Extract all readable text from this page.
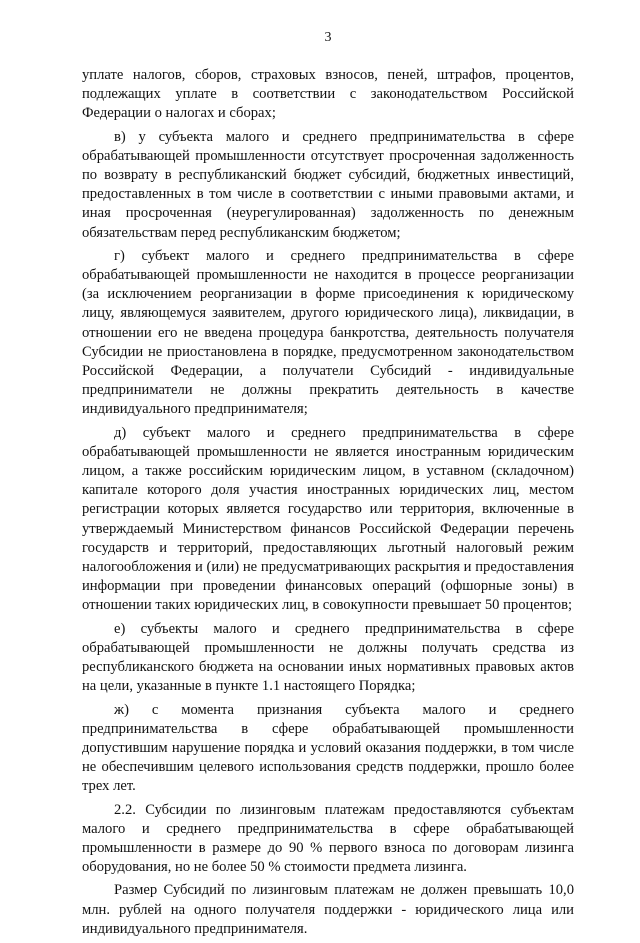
3

уплате налогов, сборов, страховых взносов, пеней, штрафов, процентов, подлежащих уплате в соответствии с законодательством Российской Федерации о налогах и сборах;

в) у субъекта малого и среднего предпринимательства в сфере обрабатывающей промышленности отсутствует просроченная задолженность по возврату в республиканский бюджет субсидий, бюджетных инвестиций, предоставленных в том числе в соответствии с иными правовыми актами, и иная просроченная (неурегулированная) задолженность по денежным обязательствам перед республиканским бюджетом;

г) субъект малого и среднего предпринимательства в сфере обрабатывающей промышленности не находится в процессе реорганизации (за исключением реорганизации в форме присоединения к юридическому лицу, являющемуся заявителем, другого юридического лица), ликвидации, в отношении его не введена процедура банкротства, деятельность получателя Субсидии не приостановлена в порядке, предусмотренном законодательством Российской Федерации, а получатели Субсидий - индивидуальные предприниматели не должны прекратить деятельность в качестве индивидуального предпринимателя;

д) субъект малого и среднего предпринимательства в сфере обрабатывающей промышленности не является иностранным юридическим лицом, а также российским юридическим лицом, в уставном (складочном) капитале которого доля участия иностранных юридических лиц, местом регистрации которых является государство или территория, включенные в утверждаемый Министерством финансов Российской Федерации перечень государств и территорий, предоставляющих льготный налоговый режим налогообложения и (или) не предусматривающих раскрытия и предоставления информации при проведении финансовых операций (офшорные зоны) в отношении таких юридических лиц, в совокупности превышает 50 процентов;

е) субъекты малого и среднего предпринимательства в сфере обрабатывающей промышленности не должны получать средства из республиканского бюджета на основании иных нормативных правовых актов на цели, указанные в пункте 1.1 настоящего Порядка;

ж) с момента признания субъекта малого и среднего предпринимательства в сфере обрабатывающей промышленности допустившим нарушение порядка и условий оказания поддержки, в том числе не обеспечившим целевого использования средств поддержки, прошло более трех лет.

2.2. Субсидии по лизинговым платежам предоставляются субъектам малого и среднего предпринимательства в сфере обрабатывающей промышленности в размере до 90 % первого взноса по договорам лизинга оборудования, но не более 50 % стоимости предмета лизинга.

Размер Субсидий по лизинговым платежам не должен превышать 10,0 млн. рублей на одного получателя поддержки - юридического лица или индивидуального предпринимателя.
